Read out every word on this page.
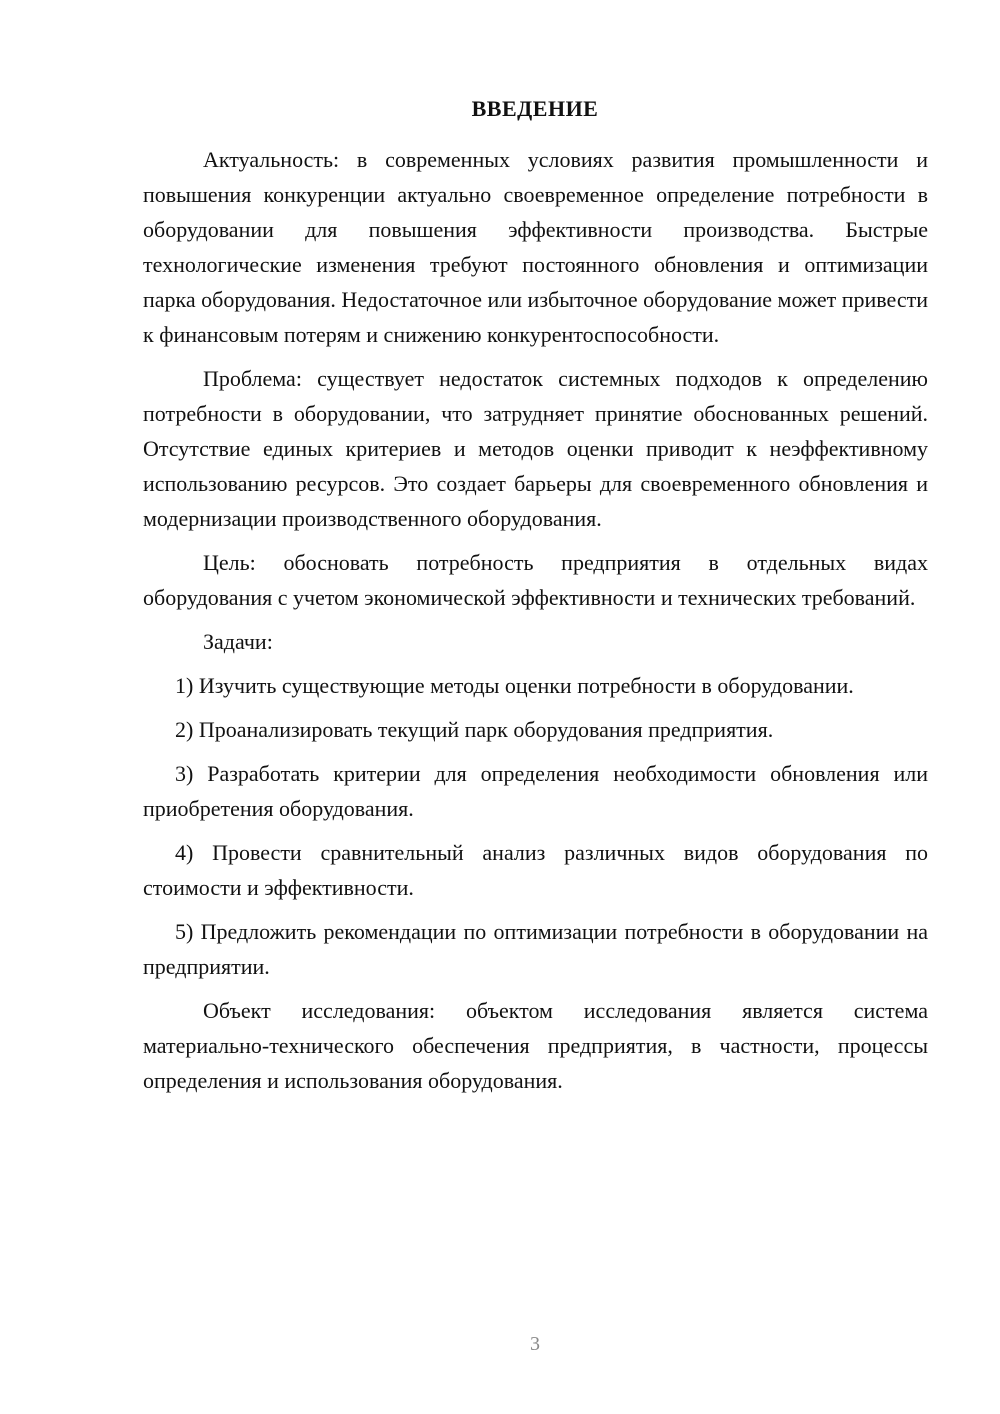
ВВЕДЕНИЕ

Актуальность: в современных условиях развития промышленности и повышения конкуренции актуально своевременное определение потребности в оборудовании для повышения эффективности производства. Быстрые технологические изменения требуют постоянного обновления и оптимизации парка оборудования. Недостаточное или избыточное оборудование может привести к финансовым потерям и снижению конкурентоспособности.

Проблема: существует недостаток системных подходов к определению потребности в оборудовании, что затрудняет принятие обоснованных решений. Отсутствие единых критериев и методов оценки приводит к неэффективному использованию ресурсов. Это создает барьеры для своевременного обновления и модернизации производственного оборудования.

Цель: обосновать потребность предприятия в отдельных видах оборудования с учетом экономической эффективности и технических требований.

Задачи:

1) Изучить существующие методы оценки потребности в оборудовании.

2) Проанализировать текущий парк оборудования предприятия.

3) Разработать критерии для определения необходимости обновления или приобретения оборудования.

4) Провести сравнительный анализ различных видов оборудования по стоимости и эффективности.

5) Предложить рекомендации по оптимизации потребности в оборудовании на предприятии.

Объект исследования: объектом исследования является система материально-технического обеспечения предприятия, в частности, процессы определения и использования оборудования.

3
